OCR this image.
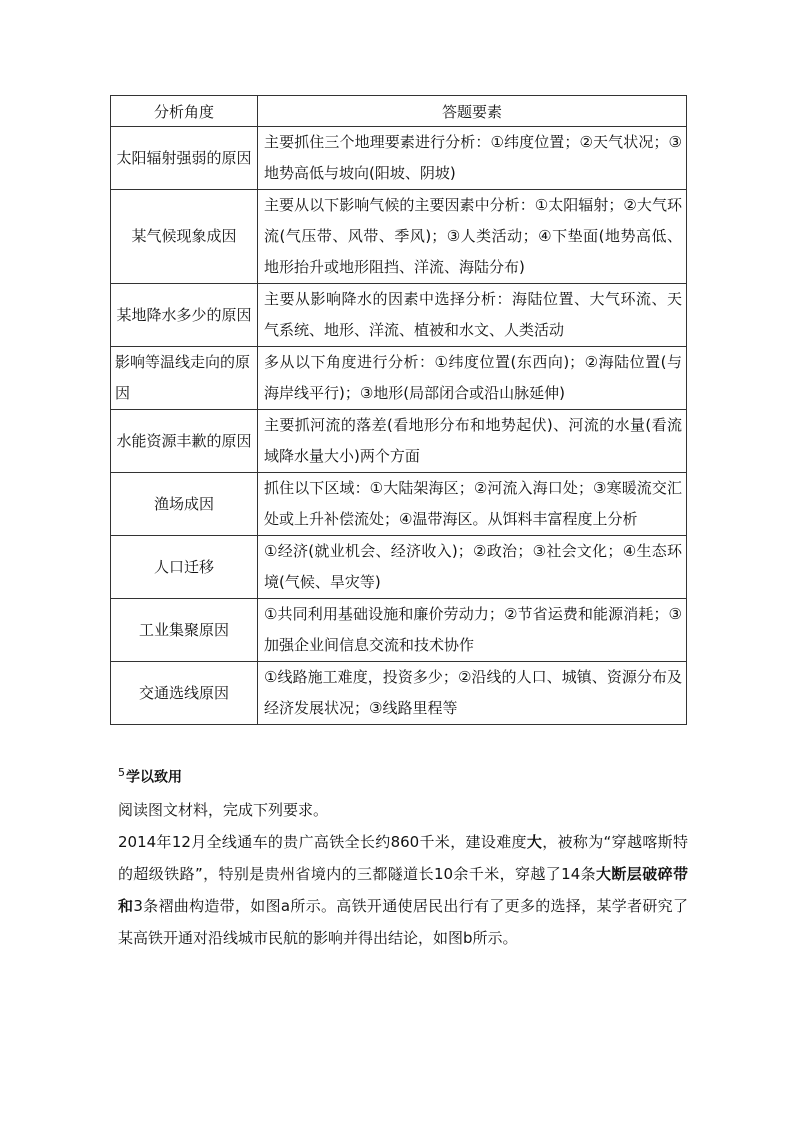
分析角度	答题要素
太阳辐射强弱的原因	主要抓住三个地理要素进行分析：①纬度位置；②天气状况；③地势高低与坡向(阳坡、阴坡)
某气候现象成因	主要从以下影响气候的主要因素中分析：①太阳辐射；②大气环流(气压带、风带、季风)；③人类活动；④下垫面(地势高低、地形抬升或地形阻挡、洋流、海陆分布)
某地降水多少的原因	主要从影响降水的因素中选择分析：海陆位置、大气环流、天气系统、地形、洋流、植被和水文、人类活动
影响等温线走向的原因	多从以下角度进行分析：①纬度位置(东西向)；②海陆位置(与海岸线平行)；③地形(局部闭合或沿山脉延伸)
水能资源丰歉的原因	主要抓河流的落差(看地形分布和地势起伏)、河流的水量(看流域降水量大小)两个方面
渔场成因	抓住以下区域：①大陆架海区；②河流入海口处；③寒暖流交汇处或上升补偿流处；④温带海区。从饵料丰富程度上分析
人口迁移	①经济(就业机会、经济收入)；②政治；③社会文化；④生态环境(气候、旱灾等)
工业集聚原因	①共同利用基础设施和廉价劳动力；②节省运费和能源消耗；③加强企业间信息交流和技术协作
交通选线原因	①线路施工难度，投资多少；②沿线的人口、城镇、资源分布及经济发展状况；③线路里程等
$^5$学以致用
阅读图文材料，完成下列要求。
2014年12月全线通车的贵广高铁全长约860千米，建设难度大，被称为“穿越喀斯特的超级铁路”，特别是贵州省境内的三都隧道长10余千米，穿越了14条大断层破碎带和3条褶曲构造带，如图a所示。高铁开通使居民出行有了更多的选择，某学者研究了某高铁开通对沿线城市民航的影响并得出结论，如图b所示。
